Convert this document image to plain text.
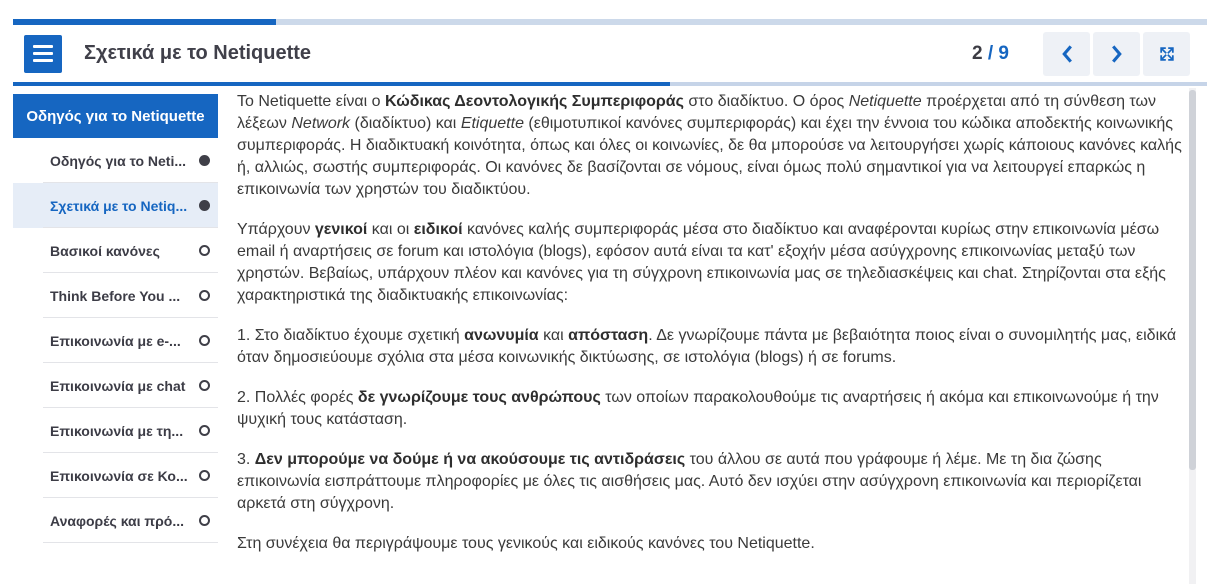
Σχετικά με το Netiquette	2 / 9
Οδηγός για το Netiquette
Οδηγός για το Neti...
Σχετικά με το Netiq...
Βασικοί κανόνες
Think Before You ...
Επικοινωνία με e-...
Επικοινωνία με chat
Επικοινωνία με τη...
Επικοινωνία σε Κο...
Αναφορές και πρό...

Το Netiquette είναι ο Κώδικας Δεοντολογικής Συμπεριφοράς στο διαδίκτυο. Ο όρος Netiquette προέρχεται από τη σύνθεση των λέξεων Network (διαδίκτυο) και Etiquette (εθιμοτυπικοί κανόνες συμπεριφοράς) και έχει την έννοια του κώδικα αποδεκτής κοινωνικής συμπεριφοράς. Η διαδικτυακή κοινότητα, όπως και όλες οι κοινωνίες, δε θα μπορούσε να λειτουργήσει χωρίς κάποιους κανόνες καλής ή, αλλιώς, σωστής συμπεριφοράς. Οι κανόνες δε βασίζονται σε νόμους, είναι όμως πολύ σημαντικοί για να λειτουργεί επαρκώς η επικοινωνία των χρηστών του διαδικτύου.

Υπάρχουν γενικοί και οι ειδικοί κανόνες καλής συμπεριφοράς μέσα στο διαδίκτυο και αναφέρονται κυρίως στην επικοινωνία μέσω email ή αναρτήσεις σε forum και ιστολόγια (blogs), εφόσον αυτά είναι τα κατ' εξοχήν μέσα ασύγχρονης επικοινωνίας μεταξύ των χρηστών. Βεβαίως, υπάρχουν πλέον και κανόνες για τη σύγχρονη επικοινωνία μας σε τηλεδιασκέψεις και chat. Στηρίζονται στα εξής χαρακτηριστικά της διαδικτυακής επικοινωνίας:

1. Στο διαδίκτυο έχουμε σχετική ανωνυμία και απόσταση. Δε γνωρίζουμε πάντα με βεβαιότητα ποιος είναι ο συνομιλητής μας, ειδικά όταν δημοσιεύουμε σχόλια στα μέσα κοινωνικής δικτύωσης, σε ιστολόγια (blogs) ή σε forums.

2. Πολλές φορές δε γνωρίζουμε τους ανθρώπους των οποίων παρακολουθούμε τις αναρτήσεις ή ακόμα και επικοινωνούμε ή την ψυχική τους κατάσταση.

3. Δεν μπορούμε να δούμε ή να ακούσουμε τις αντιδράσεις του άλλου σε αυτά που γράφουμε ή λέμε. Με τη δια ζώσης επικοινωνία εισπράττουμε πληροφορίες με όλες τις αισθήσεις μας. Αυτό δεν ισχύει στην ασύγχρονη επικοινωνία και περιορίζεται αρκετά στη σύγχρονη.

Στη συνέχεια θα περιγράψουμε τους γενικούς και ειδικούς κανόνες του Netiquette.
